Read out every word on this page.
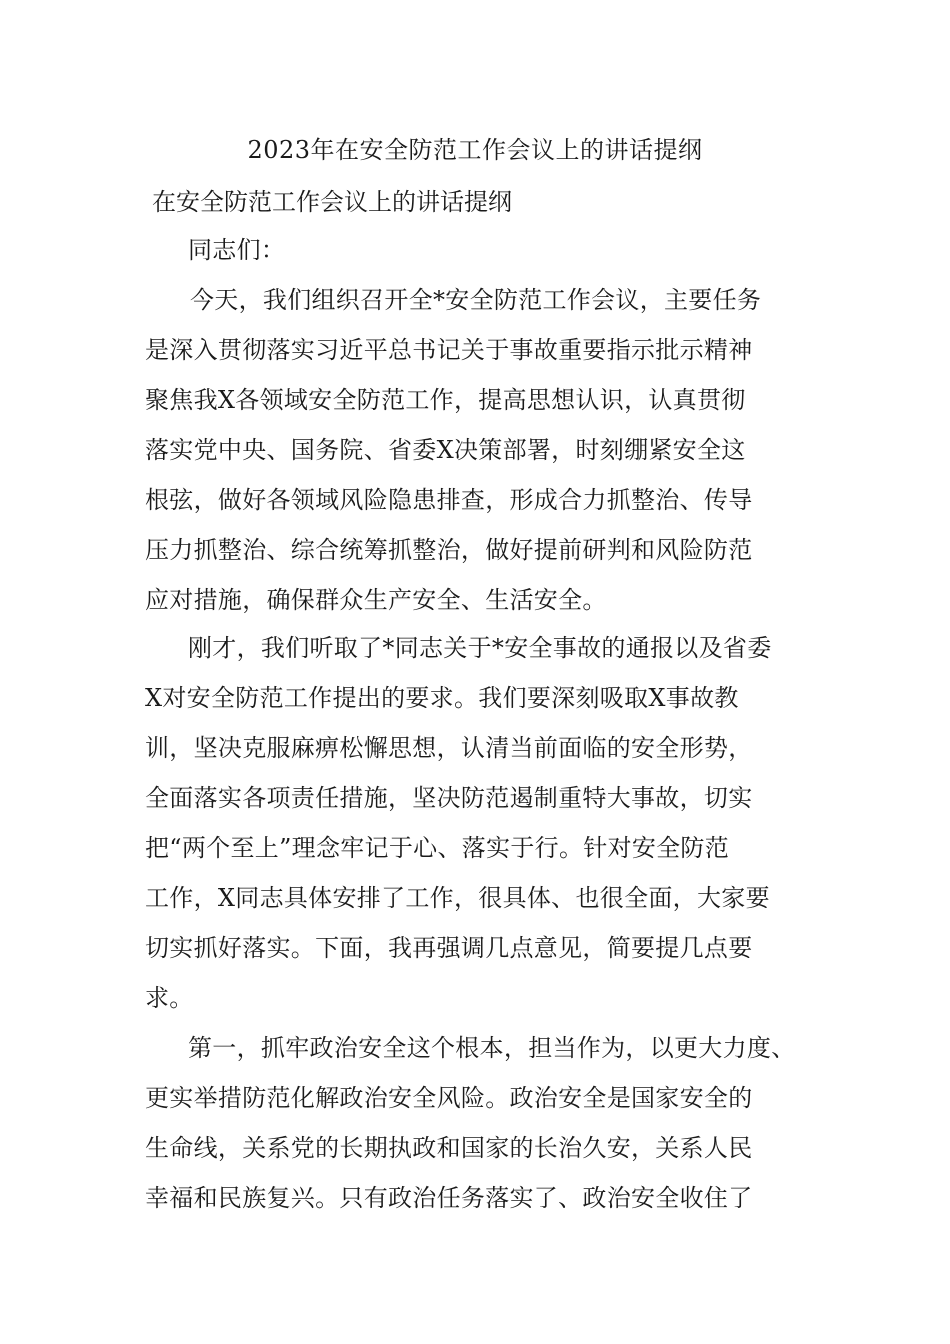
2023年在安全防范工作会议上的讲话提纲
在安全防范工作会议上的讲话提纲
同志们：
今天，我们组织召开全*安全防范工作会议，主要任务
是深入贯彻落实习近平总书记关于事故重要指示批示精神
聚焦我X各领域安全防范工作，提高思想认识，认真贯彻
落实党中央、国务院、省委X决策部署，时刻绷紧安全这
根弦，做好各领域风险隐患排查，形成合力抓整治、传导
压力抓整治、综合统筹抓整治，做好提前研判和风险防范
应对措施，确保群众生产安全、生活安全。
刚才，我们听取了*同志关于*安全事故的通报以及省委
X对安全防范工作提出的要求。我们要深刻吸取X事故教
训，坚决克服麻痹松懈思想，认清当前面临的安全形势，
全面落实各项责任措施，坚决防范遏制重特大事故，切实
把“两个至上”理念牢记于心、落实于行。针对安全防范
工作，X同志具体安排了工作，很具体、也很全面，大家要
切实抓好落实。下面，我再强调几点意见，简要提几点要
求。
第一，抓牢政治安全这个根本，担当作为，以更大力度、
更实举措防范化解政治安全风险。政治安全是国家安全的
生命线，关系党的长期执政和国家的长治久安，关系人民
幸福和民族复兴。只有政治任务落实了、政治安全收住了
